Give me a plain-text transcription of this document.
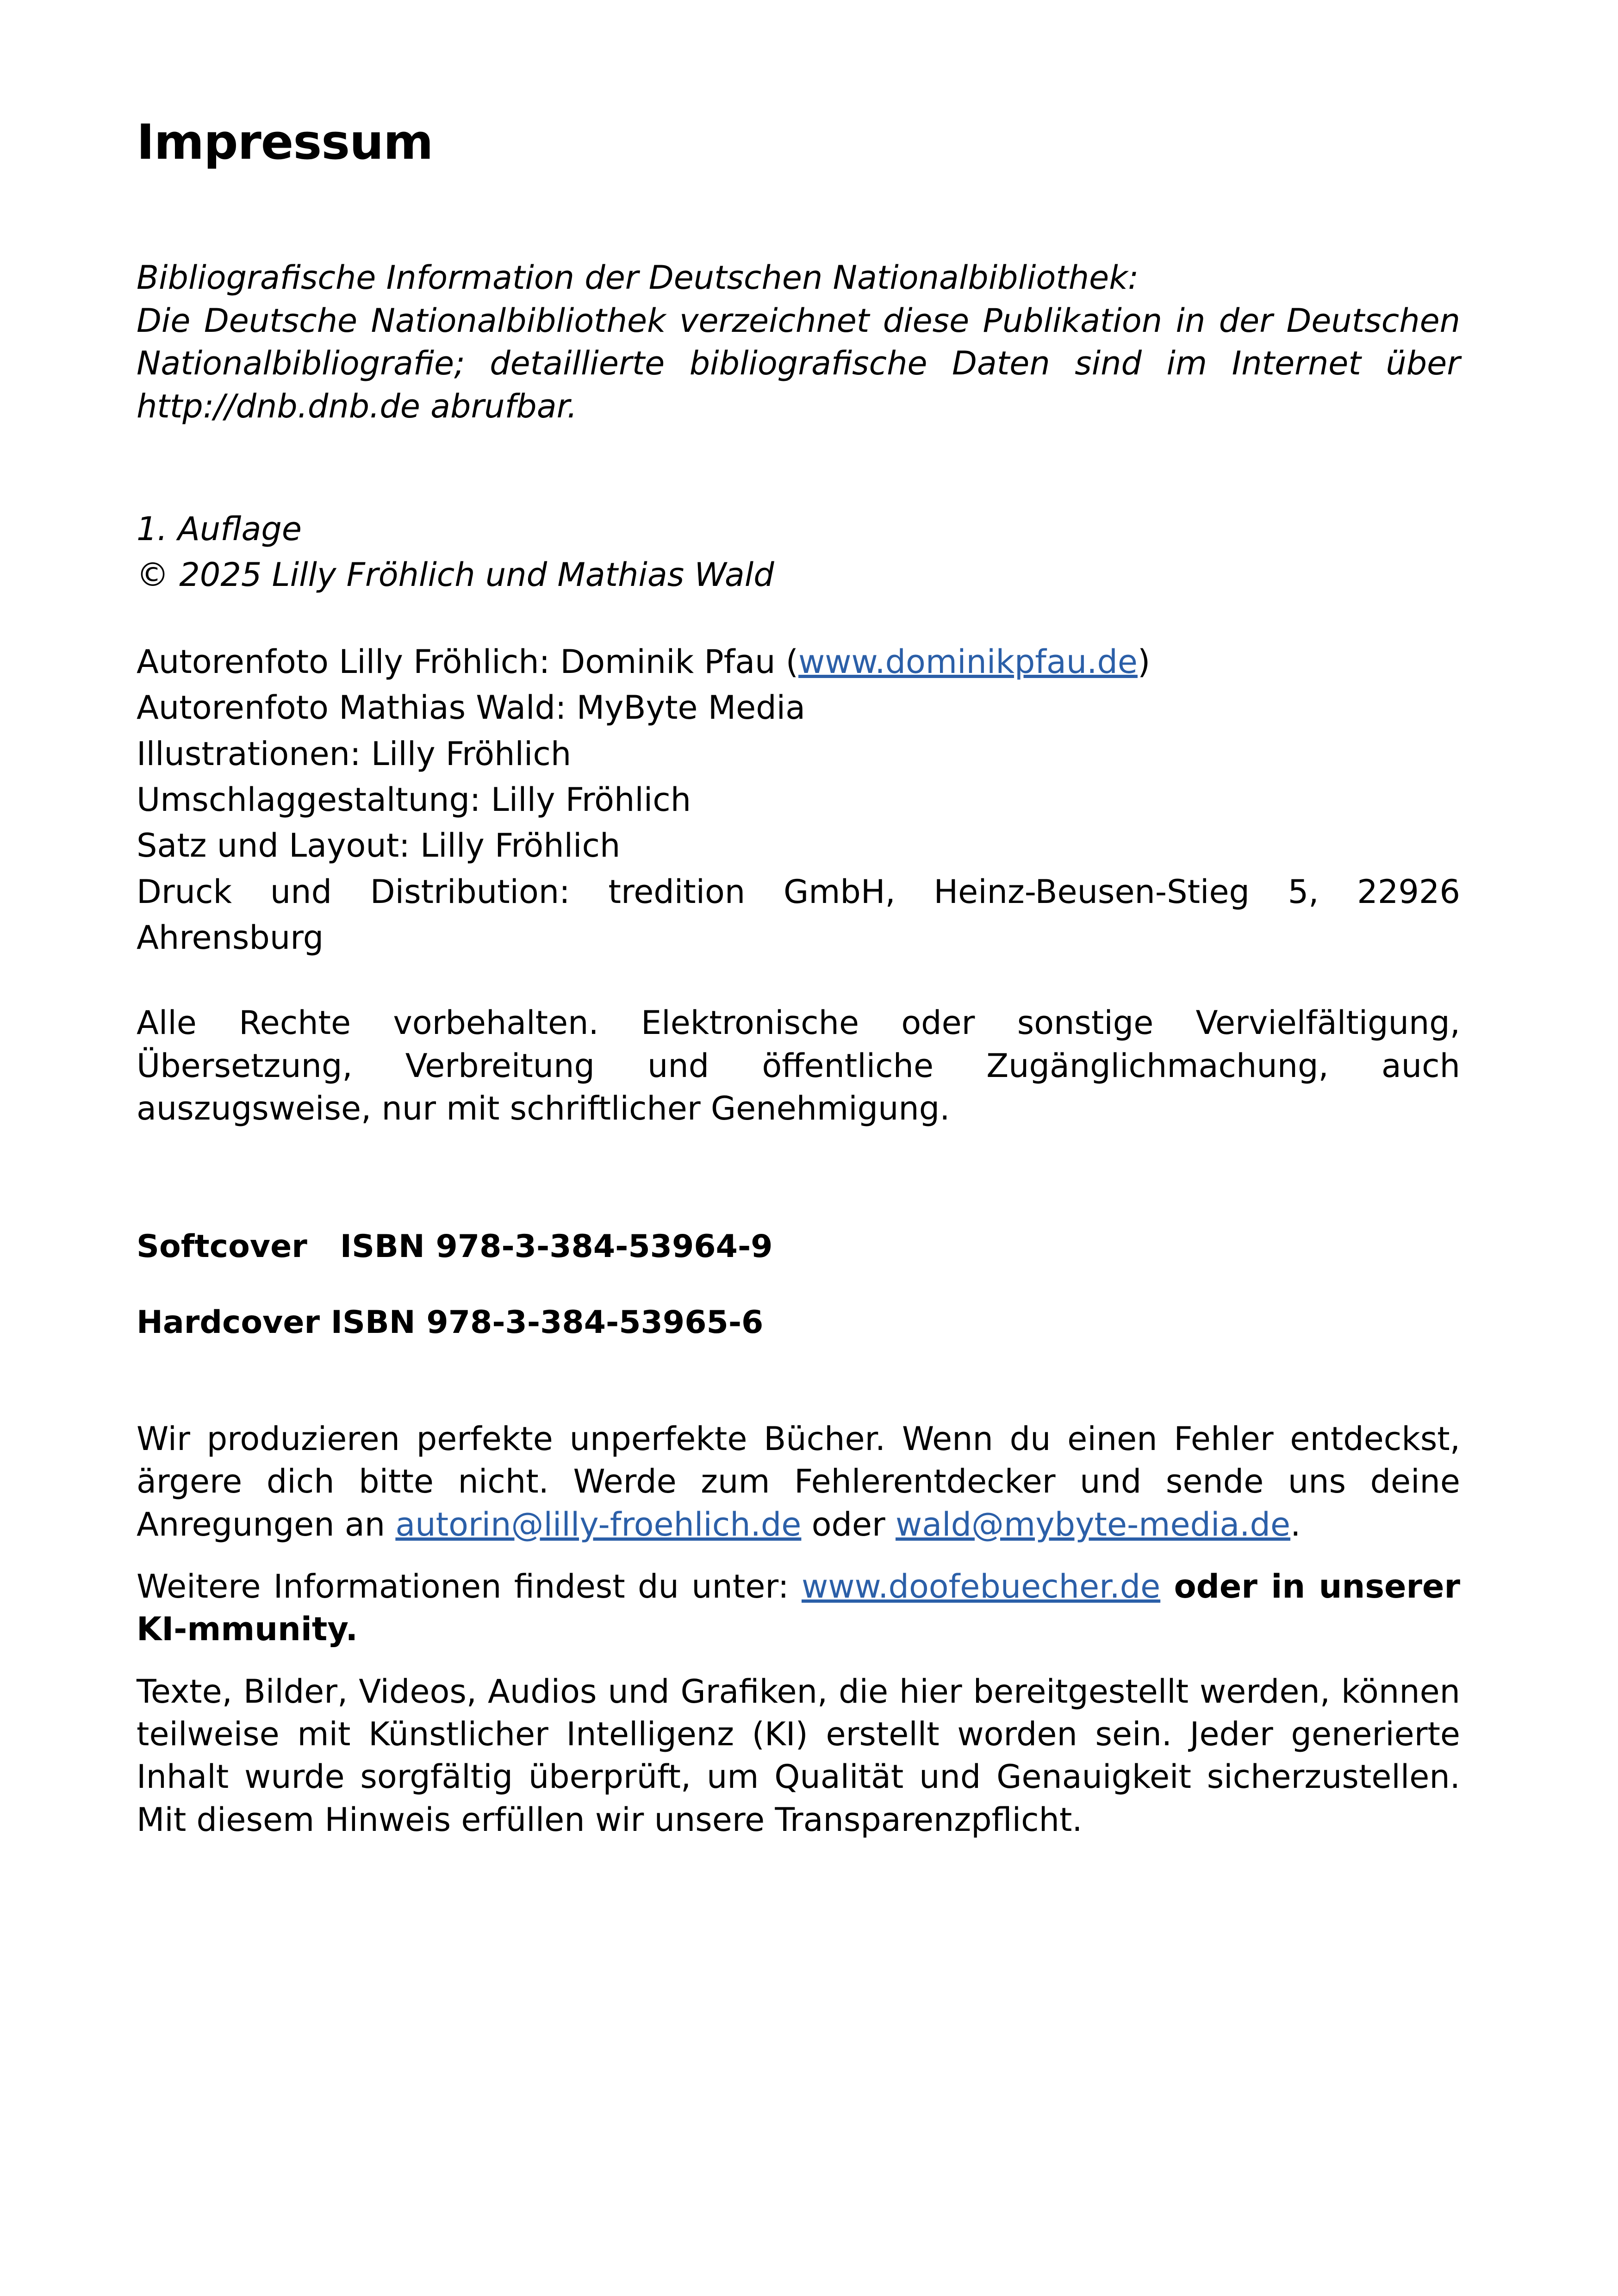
Impressum

Bibliografische Information der Deutschen Nationalbibliothek:

Die Deutsche Nationalbibliothek verzeichnet diese Publikation in der Deutschen Nationalbibliografie; detaillierte bibliografische Daten sind im Internet über http://dnb.dnb.de abrufbar.

1. Auflage

© 2025 Lilly Fröhlich und Mathias Wald

Autorenfoto Lilly Fröhlich: Dominik Pfau (www.dominikpfau.de)

Autorenfoto Mathias Wald: MyByte Media

Illustrationen: Lilly Fröhlich

Umschlaggestaltung: Lilly Fröhlich

Satz und Layout: Lilly Fröhlich

Druck und Distribution: tredition GmbH, Heinz-Beusen-Stieg 5, 22926 Ahrensburg

Alle Rechte vorbehalten. Elektronische oder sonstige Vervielfältigung, Übersetzung, Verbreitung und öffentliche Zugänglichmachung, auch auszugsweise, nur mit schriftlicher Genehmigung.

Softcover   ISBN 978-3-384-53964-9

Hardcover ISBN 978-3-384-53965-6

Wir produzieren perfekte unperfekte Bücher. Wenn du einen Fehler entdeckst, ärgere dich bitte nicht. Werde zum Fehlerentdecker und sende uns deine Anregungen an autorin@lilly-froehlich.de oder wald@mybyte-media.de.

Weitere Informationen findest du unter: www.doofebuecher.de oder in unserer KI-mmunity.

Texte, Bilder, Videos, Audios und Grafiken, die hier bereitgestellt werden, können teilweise mit Künstlicher Intelligenz (KI) erstellt worden sein. Jeder generierte Inhalt wurde sorgfältig überprüft, um Qualität und Genauigkeit sicherzustellen. Mit diesem Hinweis erfüllen wir unsere Transparenzpflicht.
